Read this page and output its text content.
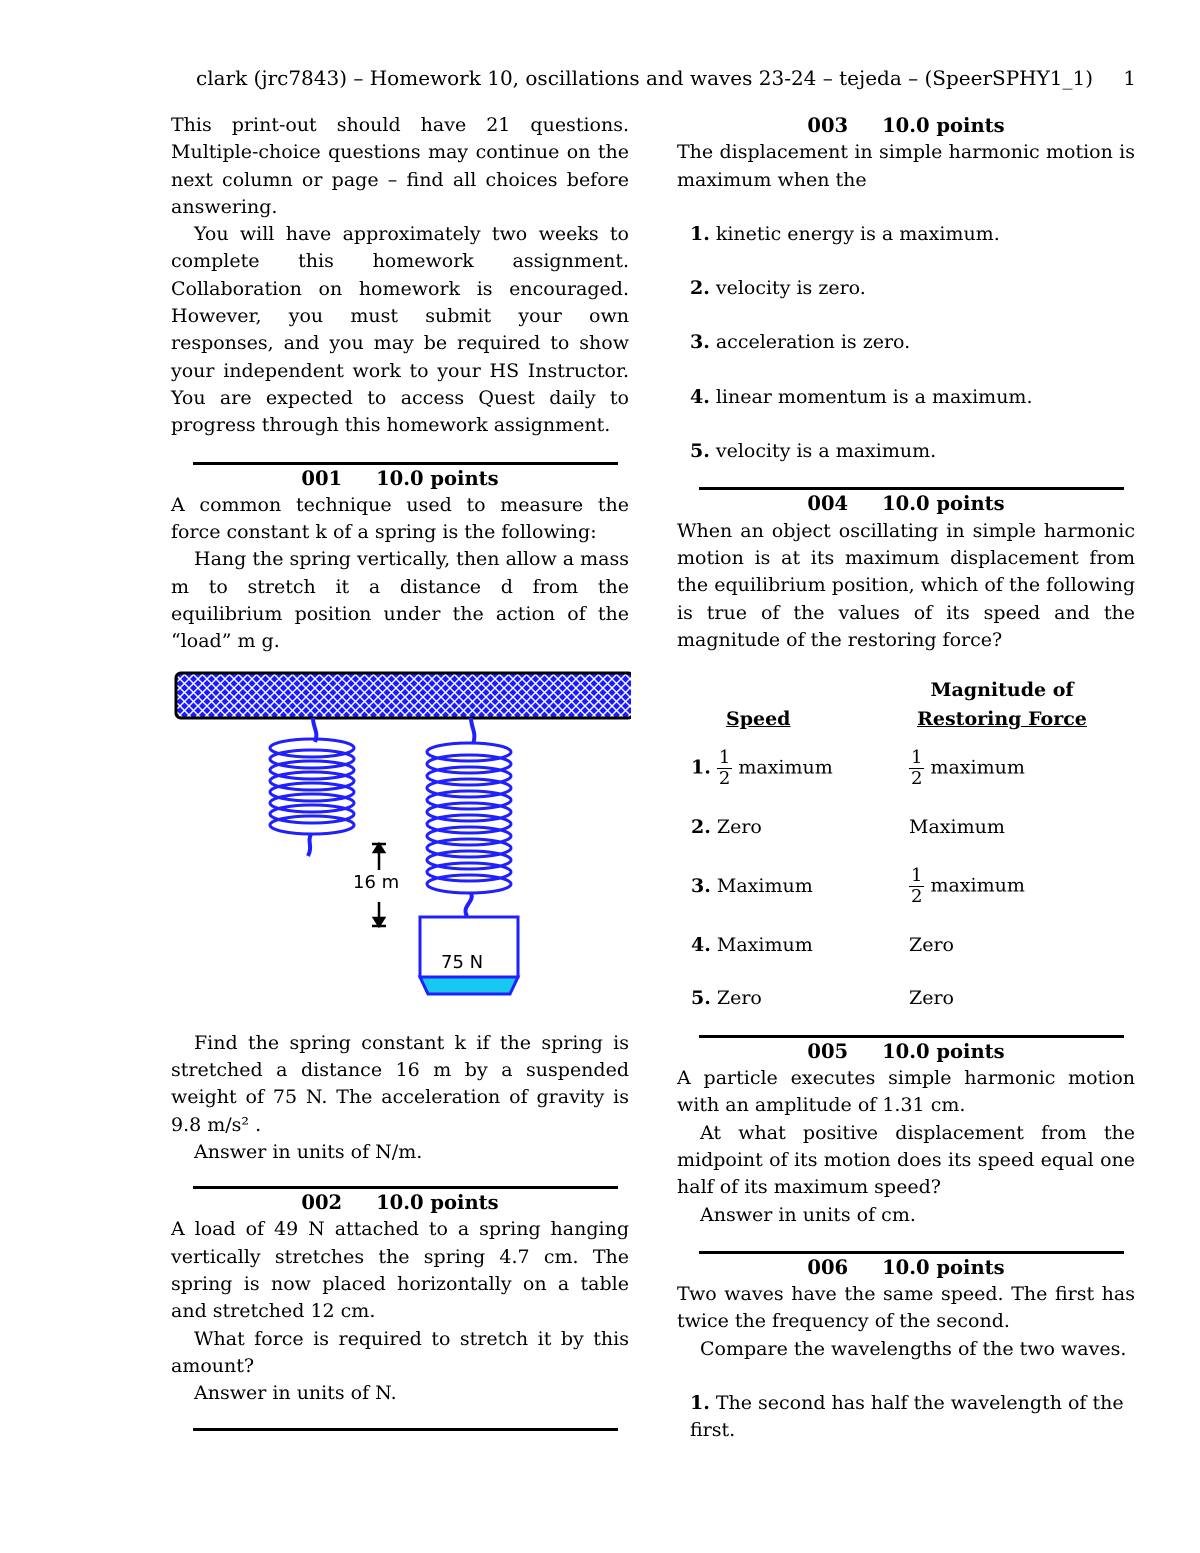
clark (jrc7843) – Homework 10, oscillations and waves 23-24 – tejeda – (SpeerSPHY1_1) 1

This print-out should have 21 questions. Multiple-choice questions may continue on the next column or page – find all choices before answering.

You will have approximately two weeks to complete this homework assignment. Collaboration on homework is encouraged. However, you must submit your own responses, and you may be required to show your independent work to your HS Instructor. You are expected to access Quest daily to progress through this homework assignment.

001 10.0 points

A common technique used to measure the force constant k of a spring is the following:

Hang the spring vertically, then allow a mass m to stretch it a distance d from the equilibrium position under the action of the “load” m g.

16 m
75 N

Find the spring constant k if the spring is stretched a distance 16 m by a suspended weight of 75 N. The acceleration of gravity is 9.8 m/s² .

Answer in units of N/m.

002 10.0 points

A load of 49 N attached to a spring hanging vertically stretches the spring 4.7 cm. The spring is now placed horizontally on a table and stretched 12 cm.

What force is required to stretch it by this amount?

Answer in units of N.

003 10.0 points

The displacement in simple harmonic motion is maximum when the

1. kinetic energy is a maximum.
2. velocity is zero.
3. acceleration is zero.
4. linear momentum is a maximum.
5. velocity is a maximum.
004 10.0 points

When an object oscillating in simple harmonic motion is at its maximum displacement from the equilibrium position, which of the following is true of the values of its speed and the magnitude of the restoring force?

	Magnitude of
Speed	Restoring Force
1. $\frac{1}{2}$ maximum	$\frac{1}{2}$ maximum
2. Zero	Maximum
3. Maximum	$\frac{1}{2}$ maximum
4. Maximum	Zero
5. Zero	Zero
005 10.0 points

A particle executes simple harmonic motion with an amplitude of 1.31 cm.

At what positive displacement from the midpoint of its motion does its speed equal one half of its maximum speed?

Answer in units of cm.

006 10.0 points

Two waves have the same speed. The first has twice the frequency of the second.

Compare the wavelengths of the two waves.

1. The second has half the wavelength of the first.
